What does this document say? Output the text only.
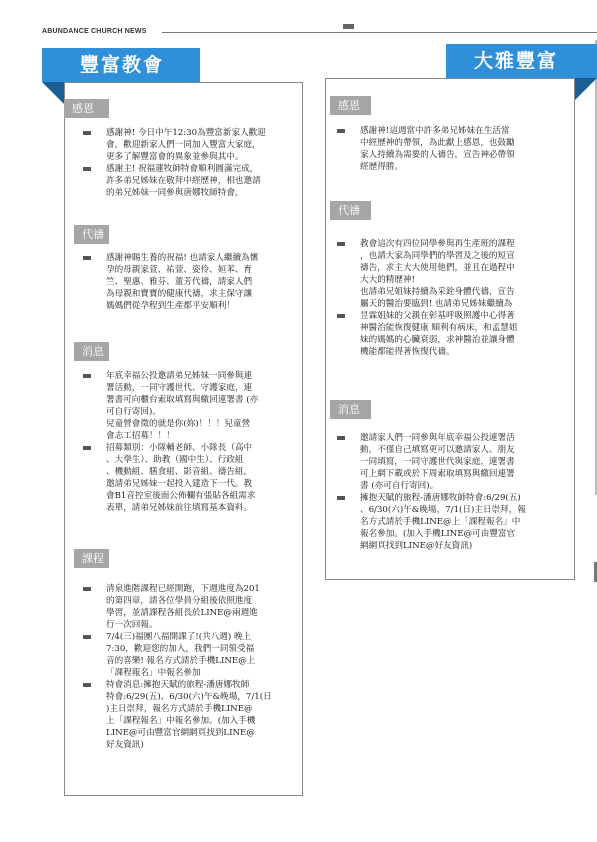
ABUNDANCE CHURCH NEWS
豐富教會
感恩
感謝神! 今日中午12:30為豐富新家人歡迎
會，歡迎新家人們一同加入豐富大家庭，
更多了解豐富會的異象並參與其中。
感謝主! 祝福蓮牧師特會順利圓滿完成，
許多弟兄姊妹在敬拜中經歷神，相也邀請
的弟兄姊妹一同參與唐娜牧師特會。
代禱
感謝神賜生養的祝福! 也請家人繼續為懷
孕的母親家萱、祐萱、姿伶、姮苯、育
竺、聖惠、雅芬、董芳代禱，請家人們
為母親和寶寶的健康代禱，求主保守讓
媽媽們從孕程到生產都平安順利！
消息
年底幸福公投邀請弟兄姊妹一同參與連
署活動，一同守護世代、守護家庭，連
署書可向櫃台索取填寫與繳回連署書 (亦
可自行寄回)。
兒童營會徵的就是你(妳)！！！兒童營
會志工招募！！！
招募類別：小隊輔老師、小隊長（高中
、大學生）、助教（國中生）、行政組
、機動組、膳食組、影音組、禱告組，
邀請弟兄姊妹一起投入建造下一代。教
會B1音控室後面公佈欄有張貼各組需求
表單，請弟兄姊妹前往填寫基本資料。
課程
清泉進階課程已經開跑，下週進度為201
的第四章，請各位學員分組後依照進度
學習，並請課程各組長於LINE@兩週進
行一次回報。
7/4(三)福團八福開課了!(共八週) 晚上
7:30，歡迎您的加入，我們一同領受福
音的喜樂! 報名方式請於手機LINE@上
「課程報名」中報名參加
特會消息:擁抱天賦的旅程-潘唐娜牧師
特會:6/29(五)、6/30(六)午&晚場，7/1(日
)主日崇拜，報名方式請於手機LINE@
上「課程報名」中報名參加。(加入手機
LINE@可由豐富官網網頁找到LINE@
好友資訊)
大雅豐富
感恩
感謝神!這週當中許多弟兄姊妹在生活當
中經歷神的帶領，為此獻上感恩，也鼓勵
家人持續為需要的人禱告，宣告神必帶領
經歷得勝。
代禱
教會這次有四位同學參與再生產班的課程
，也請大家為同學們的學習及之後的短宣
禱告，求主大大使用他們，並且在過程中
大大的精歷神!
也請弟兄姐妹持續為采銓身體代禱，宣告
屬天的醫治要臨到! 也請弟兄姊妹繼續為
昱霖姐妹的父親在彰基呼吸照護中心得著
神醫治能恢復健康 順利有病床，和孟慧姐
妹的媽媽的心臟衰弱，求神醫治並讓身體
機能都能得著恢復代禱。
消息
邀請家人們一同參與年底幸福公投連署活
動，不僅自己填寫更可以邀請家人、朋友
一同填寫，一同守護世代與家庭，連署書
可上網下載或於下周索取填寫與繳回連署
書 (亦可自行寄回)。
擁抱天賦的旅程-潘唐娜牧師特會:6/29(五)
、6/30(六)午&晚場，7/1(日)主日崇拜，報
名方式請於手機LINE@上「課程報名」中
報名參加。(加入手機LINE@可由豐富官
網網頁找到LINE@好友資訊)
